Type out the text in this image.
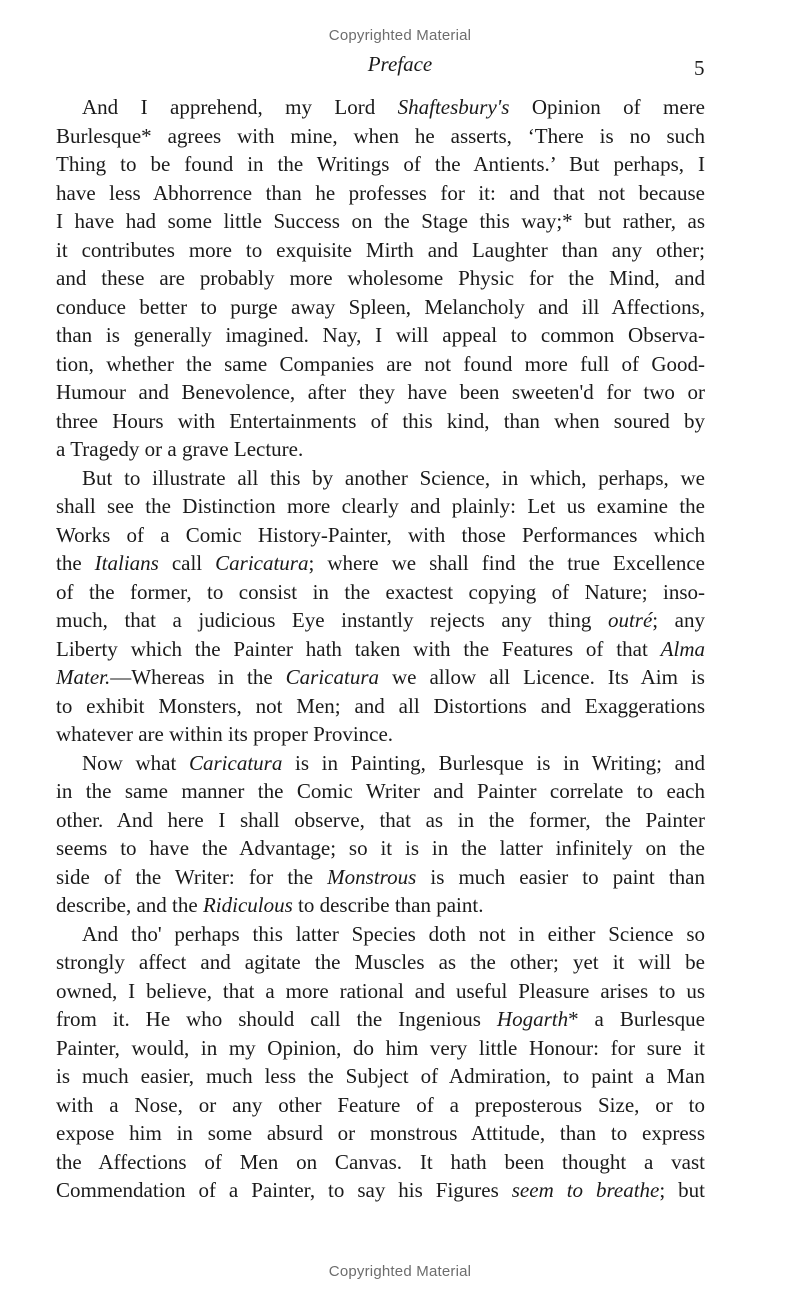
Copyrighted Material
Preface	5
And I apprehend, my Lord Shaftesbury's Opinion of mere
Burlesque* agrees with mine, when he asserts, ‘There is no such
Thing to be found in the Writings of the Antients.’ But perhaps, I
have less Abhorrence than he professes for it: and that not because
I have had some little Success on the Stage this way;* but rather, as
it contributes more to exquisite Mirth and Laughter than any other;
and these are probably more wholesome Physic for the Mind, and
conduce better to purge away Spleen, Melancholy and ill Affections,
than is generally imagined. Nay, I will appeal to common Observa-
tion, whether the same Companies are not found more full of Good-
Humour and Benevolence, after they have been sweeten'd for two or
three Hours with Entertainments of this kind, than when soured by
a Tragedy or a grave Lecture.
But to illustrate all this by another Science, in which, perhaps, we
shall see the Distinction more clearly and plainly: Let us examine the
Works of a Comic History-Painter, with those Performances which
the Italians call Caricatura; where we shall find the true Excellence
of the former, to consist in the exactest copying of Nature; inso-
much, that a judicious Eye instantly rejects any thing outré; any
Liberty which the Painter hath taken with the Features of that Alma
Mater.—Whereas in the Caricatura we allow all Licence. Its Aim is
to exhibit Monsters, not Men; and all Distortions and Exaggerations
whatever are within its proper Province.
Now what Caricatura is in Painting, Burlesque is in Writing; and
in the same manner the Comic Writer and Painter correlate to each
other. And here I shall observe, that as in the former, the Painter
seems to have the Advantage; so it is in the latter infinitely on the
side of the Writer: for the Monstrous is much easier to paint than
describe, and the Ridiculous to describe than paint.
And tho' perhaps this latter Species doth not in either Science so
strongly affect and agitate the Muscles as the other; yet it will be
owned, I believe, that a more rational and useful Pleasure arises to us
from it. He who should call the Ingenious Hogarth* a Burlesque
Painter, would, in my Opinion, do him very little Honour: for sure it
is much easier, much less the Subject of Admiration, to paint a Man
with a Nose, or any other Feature of a preposterous Size, or to
expose him in some absurd or monstrous Attitude, than to express
the Affections of Men on Canvas. It hath been thought a vast
Commendation of a Painter, to say his Figures seem to breathe; but
Copyrighted Material
